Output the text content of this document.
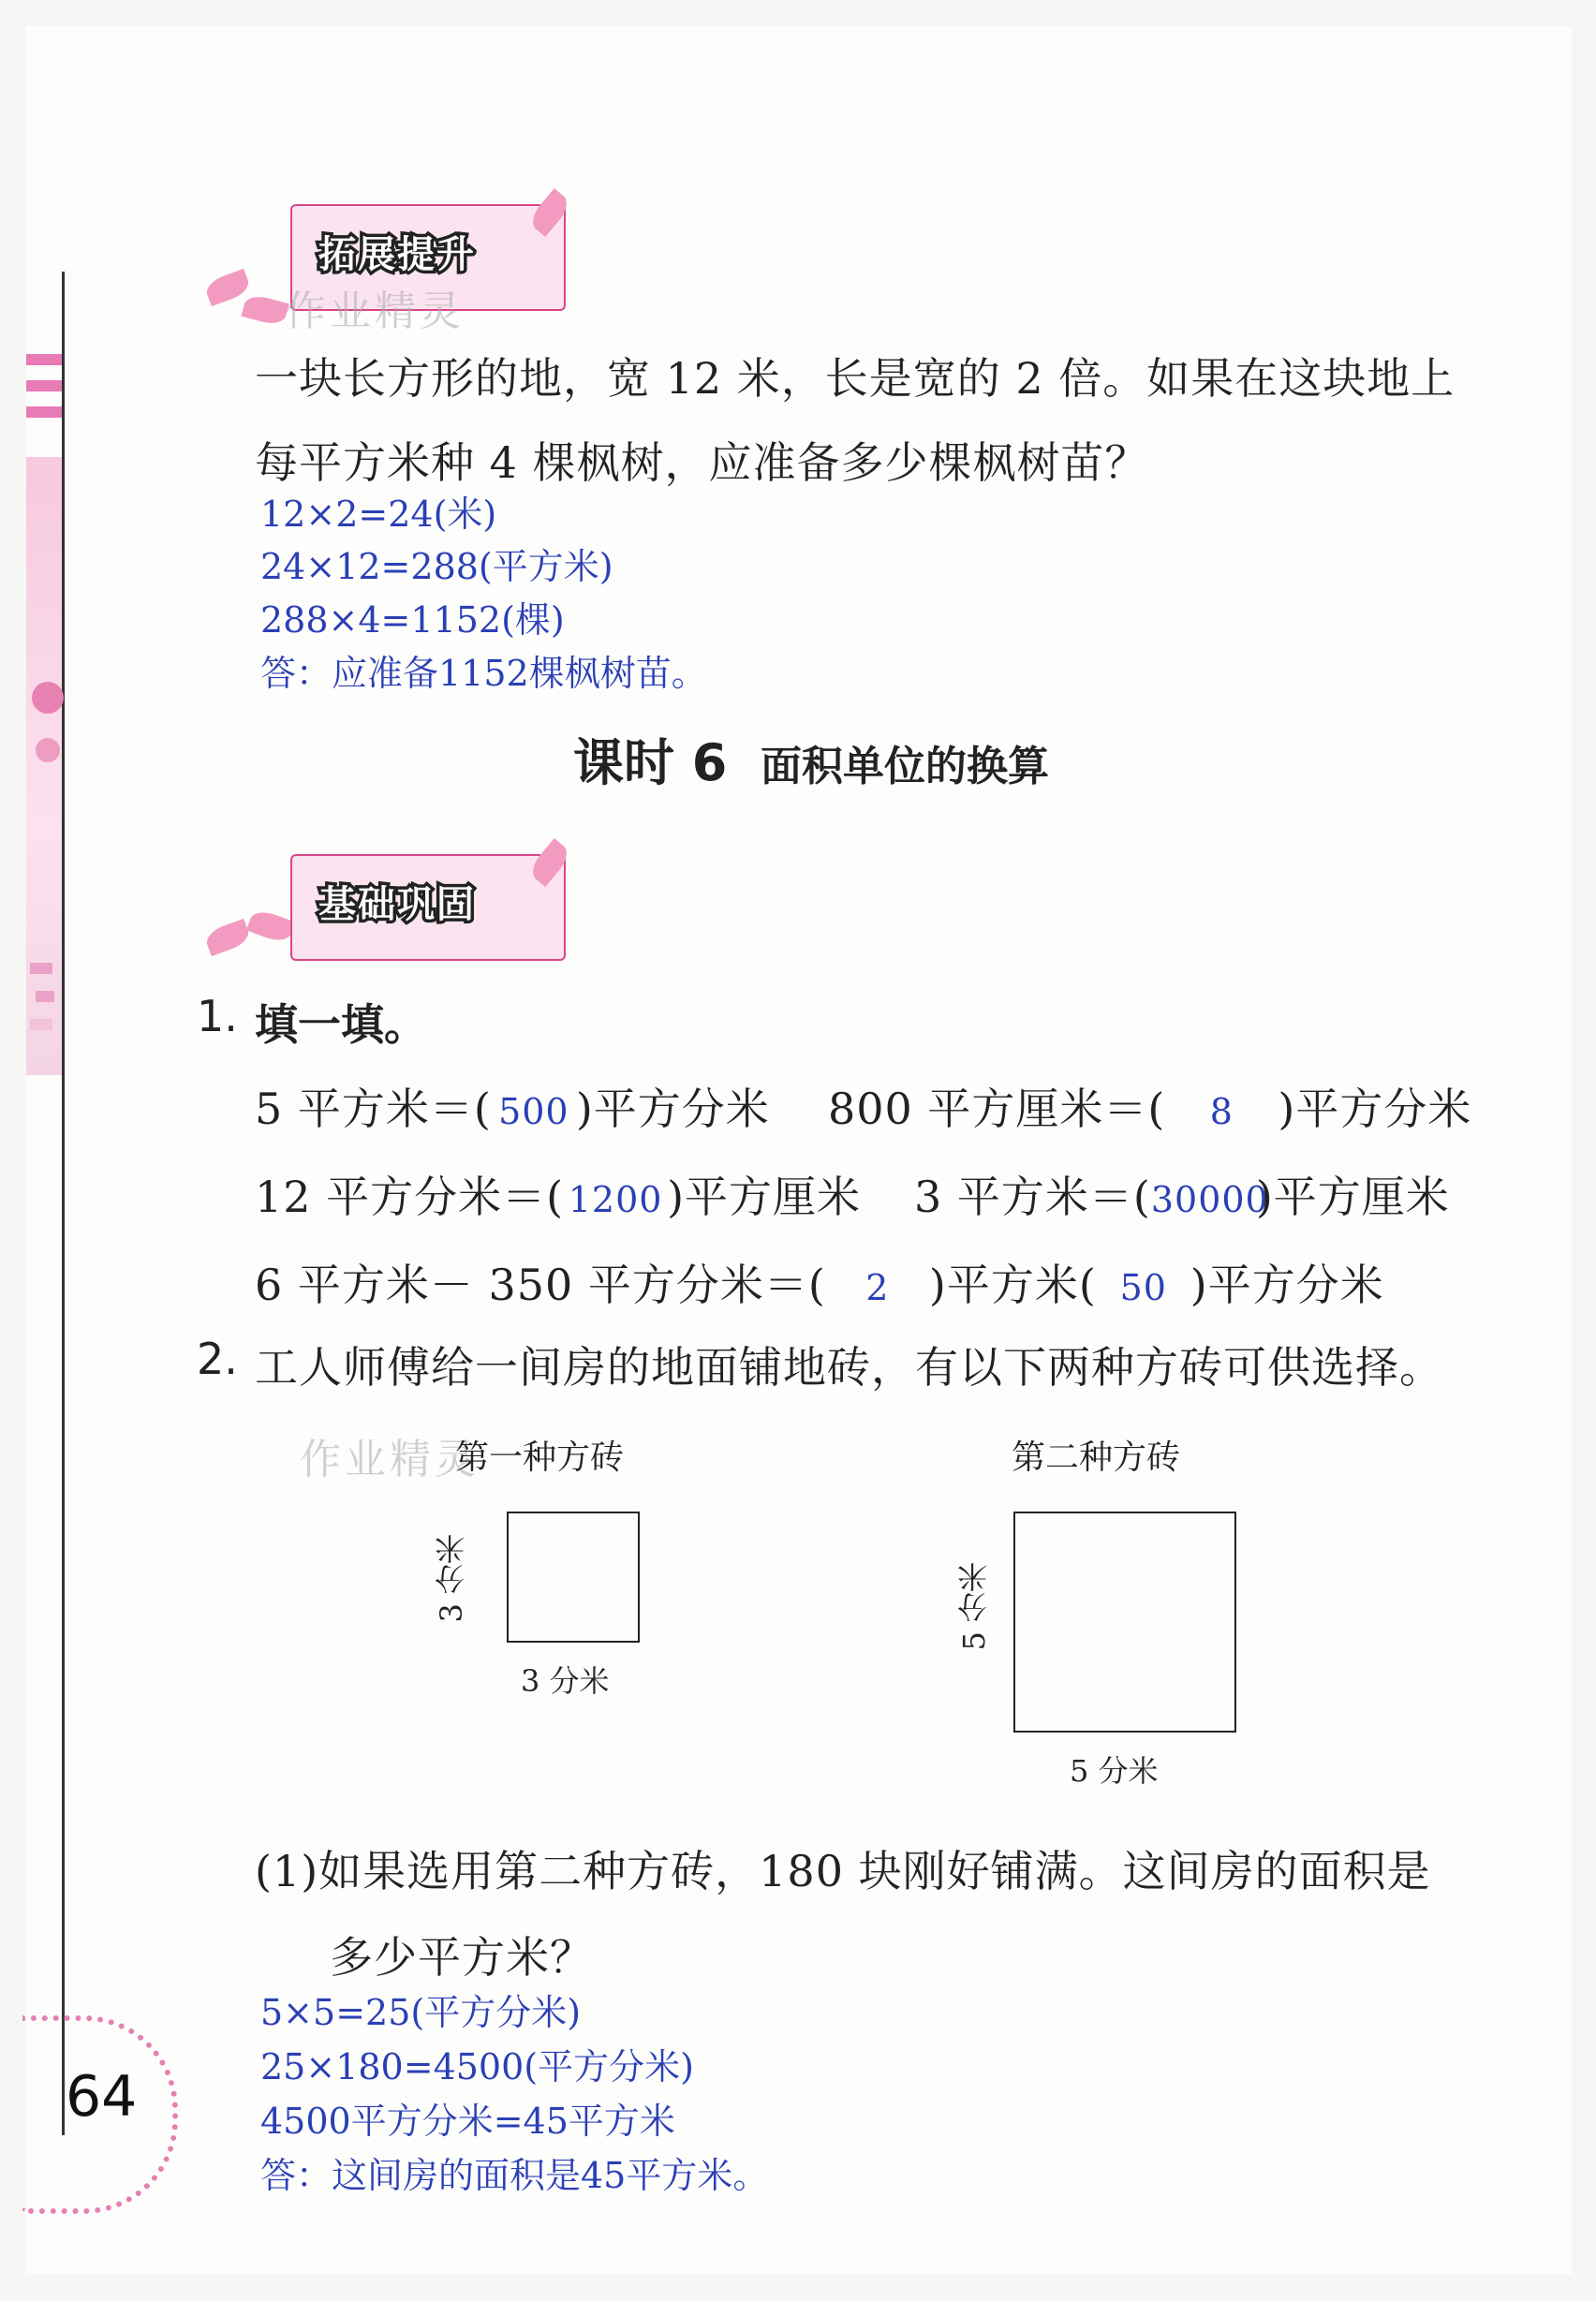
拓展提升
作业精灵
一块长方形的地，宽 12 米，长是宽的 2 倍。如果在这块地上
每平方米种 4 棵枫树，应准备多少棵枫树苗？
12×2=24(米)
24×12=288(平方米)
288×4=1152(棵)
答：应准备1152棵枫树苗。
课时 6 面积单位的换算
基础巩固
1. 填一填。
5 平方米＝( 500 )平方分米 800 平方厘米＝( 8 )平方分米
12 平方分米＝( 1200 )平方厘米 3 平方米＝(30000)平方厘米
6 平方米－ 350 平方分米＝( 2 )平方米( 50 )平方分米
2. 工人师傅给一间房的地面铺地砖，有以下两种方砖可供选择。
作业精灵
第一种方砖
3 分米
3 分米
第二种方砖
5 分米
5 分米
(1)如果选用第二种方砖，180 块刚好铺满。这间房的面积是
多少平方米？
5×5=25(平方分米)
25×180=4500(平方分米)
4500平方分米=45平方米
答：这间房的面积是45平方米。
64
